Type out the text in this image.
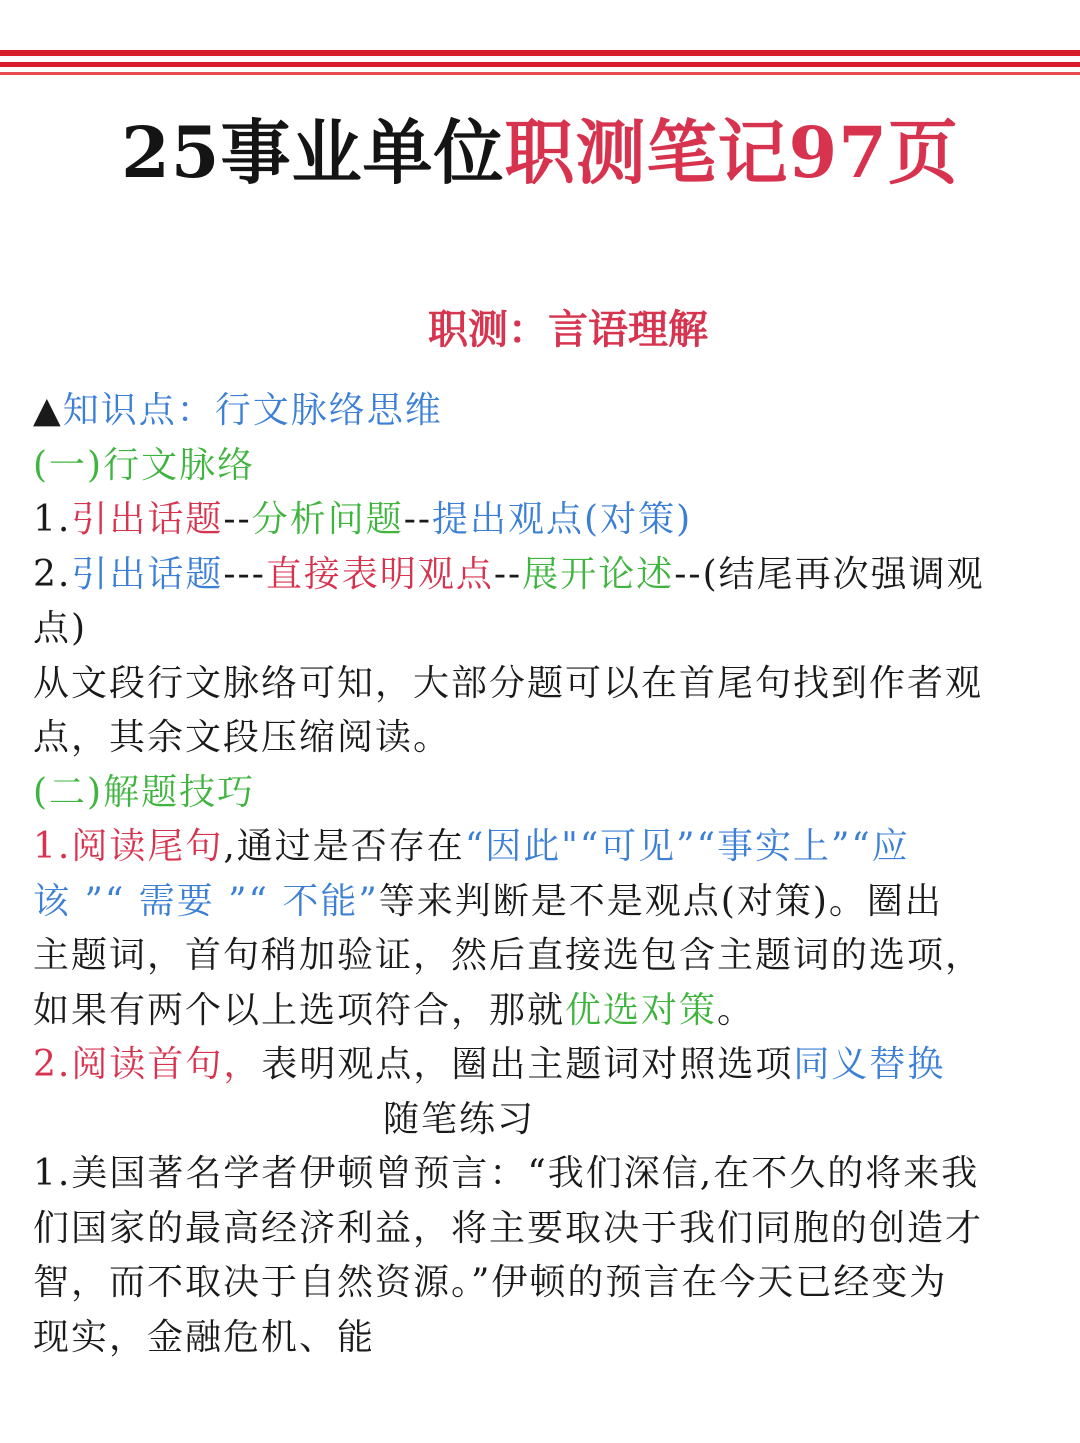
25事业单位职测笔记97页
职测：言语理解
▲知识点：行文脉络思维
(一)行文脉络
1.引出话题--分析问题--提出观点(对策)
2.引出话题---直接表明观点--展开论述--(结尾再次强调观
点)
从文段行文脉络可知，大部分题可以在首尾句找到作者观
点，其余文段压缩阅读。
(二)解题技巧
1.阅读尾句,通过是否存在“因此"“可见”“事实上”“应
该 ”“ 需要 ”“ 不能”等来判断是不是观点(对策)。圈出
主题词，首句稍加验证，然后直接选包含主题词的选项，
如果有两个以上选项符合，那就优选对策。
2.阅读首句，表明观点，圈出主题词对照选项同义替换
随笔练习
1.美国著名学者伊顿曾预言：“我们深信,在不久的将来我
们国家的最高经济利益，将主要取决于我们同胞的创造才
智，而不取决于自然资源。”伊顿的预言在今天已经变为
现实，金融危机、能
